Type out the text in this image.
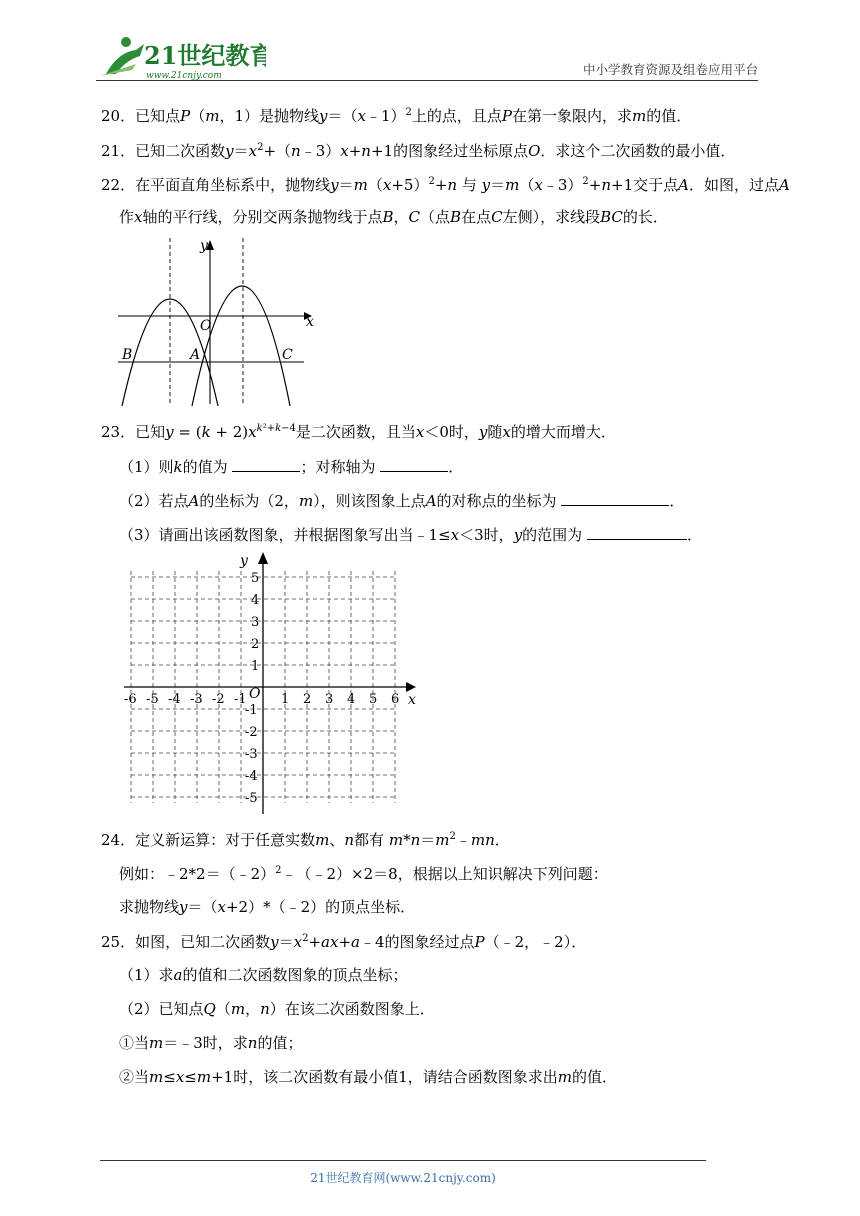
21世纪教育
www.21cnjy.com	中小学教育资源及组卷应用平台
20．已知点P（m，1）是抛物线y＝（x﹣1）$^2$上的点，且点P在第一象限内，求m的值．
21．已知二次函数$y=x^2+(n﹣3)x+n+1$的图象经过坐标原点O．求这个二次函数的最小值．
22．在平面直角坐标系中，抛物线$y=m(x+5)^2+n$ 与 y＝m（x﹣3）$^2$+n+1交于点A．如图，过点A
作x轴的平行线，分别交两条抛物线于点B，C（点B在点C左侧），求线段BC的长．
y
x
O
A
B	C
23．已知$y = (k + 2)x^{k^2+k-4}$是二次函数，且当x＜0时，y随x的增大而增大．
（1）则k的值为	；对称轴为	．
（2）若点A的坐标为（2，m），则该图象上点A的对称点的坐标为	．
（3）请画出该函数图象，并根据图象写出当﹣1≤x＜3时，y的范围为	．
-6 -5 -4 -3 -2 -1	1 2 3 4 5 6
5
4
3
2
1
-1
-2
-3
-4
-5
y
x
O
24．定义新运算：对于任意实数m、n都有 $m*n=m^2﹣mn$．
例如：﹣2*2＝（﹣2）$^2$﹣（﹣2）×2＝8，根据以上知识解决下列问题：
求抛物线y＝（x+2）*（﹣2）的顶点坐标．
25．如图，已知二次函数$y=x^2+ax+a﹣4$的图象经过点P（﹣2，﹣2）．
（1）求a的值和二次函数图象的顶点坐标；
（2）已知点Q（m，n）在该二次函数图象上．
①当m＝﹣3时，求n的值；
②当m≤x≤m+1时，该二次函数有最小值1，请结合函数图象求出m的值．
21世纪教育网(www.21cnjy.com)
